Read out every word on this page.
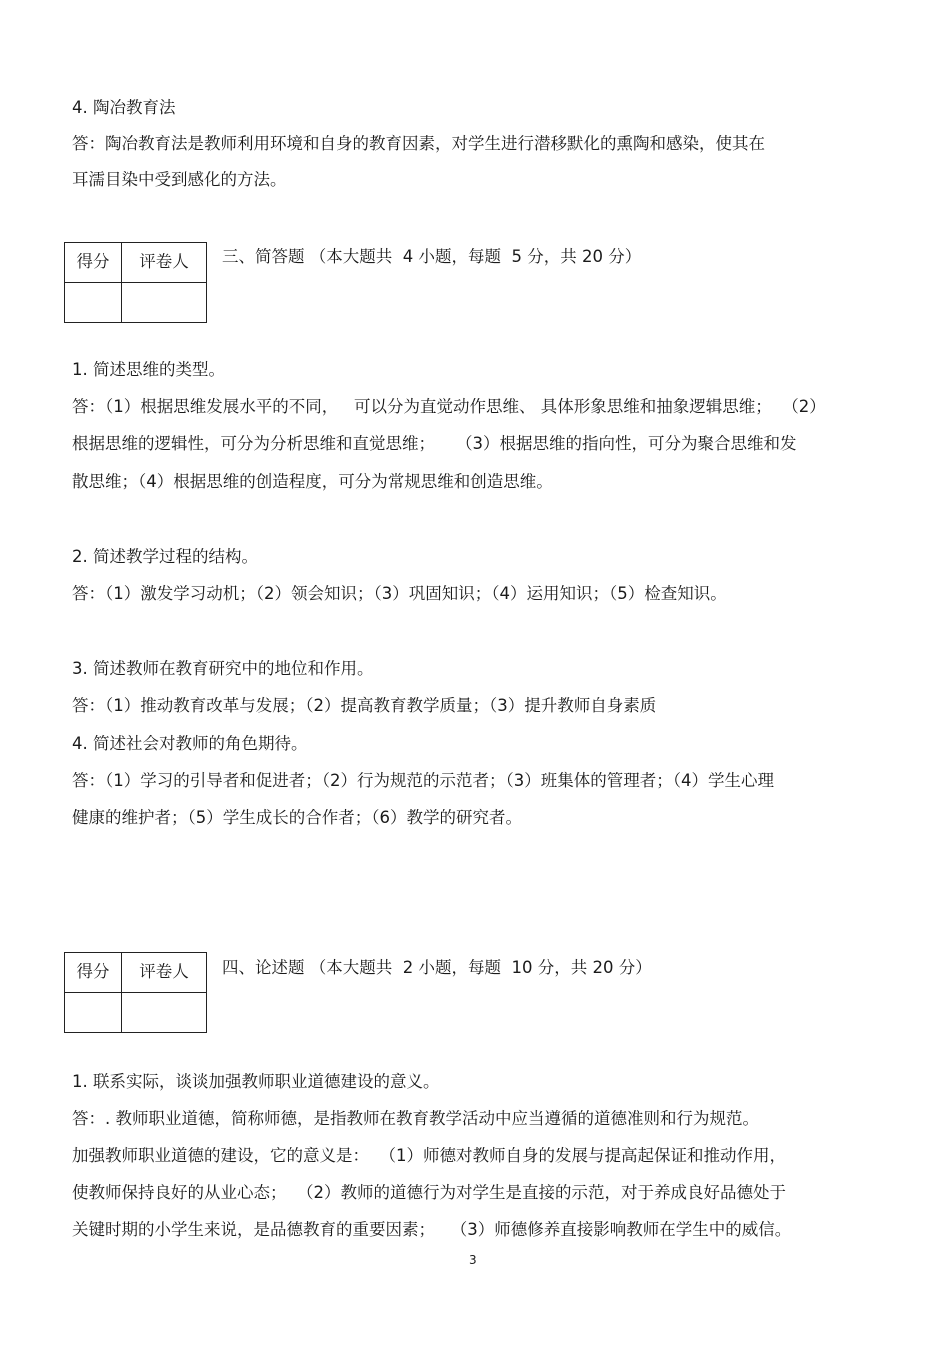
4. 陶冶教育法
答：陶冶教育法是教师利用环境和自身的教育因素，对学生进行潜移默化的熏陶和感染，使其在
耳濡目染中受到感化的方法。
得分	评卷人
	三、简答题 （本大题共  4 小题，每题  5 分，共 20 分）
1. 简述思维的类型。
答：（1）根据思维发展水平的不同，   可以分为直觉动作思维、 具体形象思维和抽象逻辑思维；  （2）
根据思维的逻辑性，可分为分析思维和直觉思维；    （3）根据思维的指向性，可分为聚合思维和发
散思维；（4）根据思维的创造程度，可分为常规思维和创造思维。
2. 简述教学过程的结构。
答：（1）激发学习动机；（2）领会知识；（3）巩固知识；（4）运用知识；（5）检查知识。
3. 简述教师在教育研究中的地位和作用。
答：（1）推动教育改革与发展；（2）提高教育教学质量；（3）提升教师自身素质
4. 简述社会对教师的角色期待。
答：（1）学习的引导者和促进者；（2）行为规范的示范者；（3）班集体的管理者；（4）学生心理
健康的维护者；（5）学生成长的合作者；（6）教学的研究者。
得分	评卷人
	四、论述题 （本大题共  2 小题，每题  10 分，共 20 分）
1. 联系实际，谈谈加强教师职业道德建设的意义。
答：. 教师职业道德，简称师德，是指教师在教育教学活动中应当遵循的道德准则和行为规范。
加强教师职业道德的建设，它的意义是：  （1）师德对教师自身的发展与提高起保证和推动作用，
使教师保持良好的从业心态；  （2）教师的道德行为对学生是直接的示范，对于养成良好品德处于
关键时期的小学生来说，是品德教育的重要因素；   （3）师德修养直接影响教师在学生中的威信。
3
